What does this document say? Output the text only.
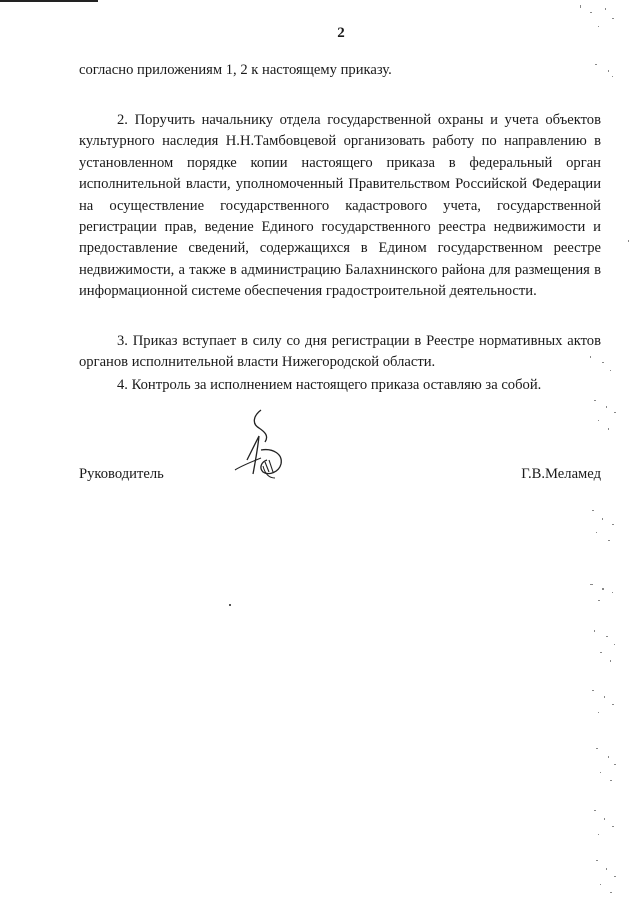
2

согласно приложениям 1, 2 к настоящему приказу.

2. Поручить начальнику отдела государственной охраны и учета объектов культурного наследия Н.Н.Тамбовцевой организовать работу по направлению в установленном порядке копии настоящего приказа в федеральный орган исполнительной власти, уполномоченный Правительством Российской Федерации на осуществление государственного кадастрового учета, государственной регистрации прав, ведение Единого государственного реестра недвижимости и предоставление сведений, содержащихся в Едином государственном реестре недвижимости, а также в администрацию Балахнинского района для размещения в информационной системе обеспечения градостроительной деятельности.

3. Приказ вступает в силу со дня регистрации в Реестре нормативных актов органов исполнительной власти Нижегородской области.

4. Контроль за исполнением настоящего приказа оставляю за собой.

Руководитель	Г.В.Меламед
